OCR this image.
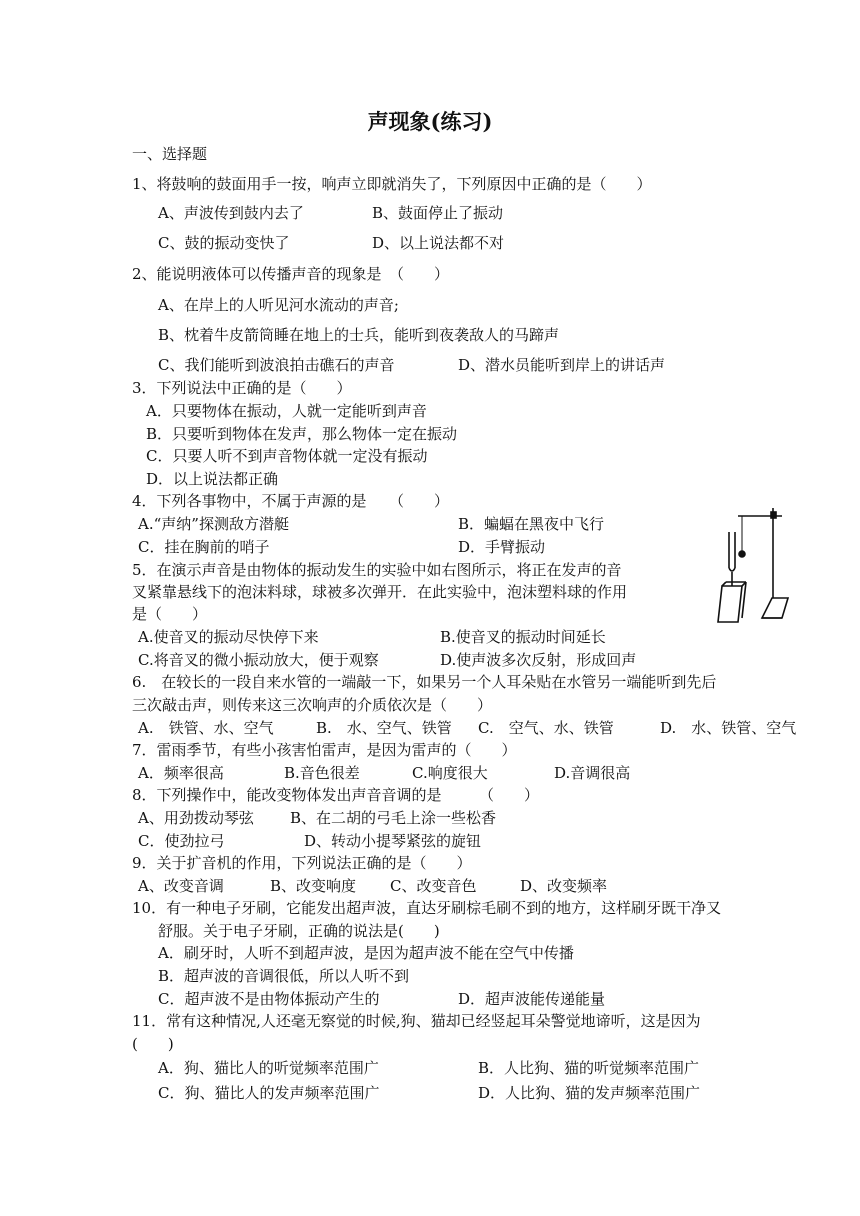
声现象(练习)
一、选择题
1、将鼓响的鼓面用手一按，响声立即就消失了，下列原因中正确的是（　　）
A、声波传到鼓内去了	B、鼓面停止了振动
C、鼓的振动变快了	D、以上说法都不对
2、能说明液体可以传播声音的现象是　（　　）
A、在岸上的人听见河水流动的声音;
B、枕着牛皮箭筒睡在地上的士兵，能听到夜袭敌人的马蹄声
C、我们能听到波浪拍击礁石的声音	D、潜水员能听到岸上的讲话声
3．下列说法中正确的是（　　）
A．只要物体在振动，人就一定能听到声音
B．只要听到物体在发声，那么物体一定在振动
C．只要人听不到声音物体就一定没有振动
D．以上说法都正确
4．下列各事物中，不属于声源的是　　（　　）
A.“声纳”探测敌方潜艇	B．蝙蝠在黑夜中飞行
C．挂在胸前的哨子	D．手臂振动
5．在演示声音是由物体的振动发生的实验中如右图所示，将正在发声的音
叉紧靠悬线下的泡沫料球，球被多次弹开．在此实验中，泡沫塑料球的作用
是（　　）
A.使音叉的振动尽快停下来	B.使音叉的振动时间延长
C.将音叉的微小振动放大，便于观察	D.使声波多次反射，形成回声
6.　在较长的一段自来水管的一端敲一下，如果另一个人耳朵贴在水管另一端能听到先后
三次敲击声，则传来这三次响声的介质依次是（　　）
A.　铁管、水、空气	B.　水、空气、铁管 C.　空气、水、铁管	D.　水、铁管、空气
7．雷雨季节，有些小孩害怕雷声，是因为雷声的（　　）
A．频率很高	B.音色很差	C.响度很大	D.音调很高
8．下列操作中，能改变物体发出声音音调的是　　　（　　）
A、用劲拨动琴弦 B、在二胡的弓毛上涂一些松香
C．使劲拉弓	D、转动小提琴紧弦的旋钮
9．关于扩音机的作用，下列说法正确的是（　　）
A、改变音调	B、改变响度 C、改变音色	D、改变频率
10．有一种电子牙刷，它能发出超声波，直达牙刷棕毛刷不到的地方，这样刷牙既干净又
舒服。关于电子牙刷，正确的说法是(　　)
A．刷牙时，人听不到超声波，是因为超声波不能在空气中传播
B．超声波的音调很低，所以人听不到
C．超声波不是由物体振动产生的	D．超声波能传递能量
11．常有这种情况,人还毫无察觉的时候,狗、猫却已经竖起耳朵警觉地谛听，这是因为
(　　)
A．狗、猫比人的听觉频率范围广	B．人比狗、猫的听觉频率范围广
C．狗、猫比人的发声频率范围广	D．人比狗、猫的发声频率范围广
